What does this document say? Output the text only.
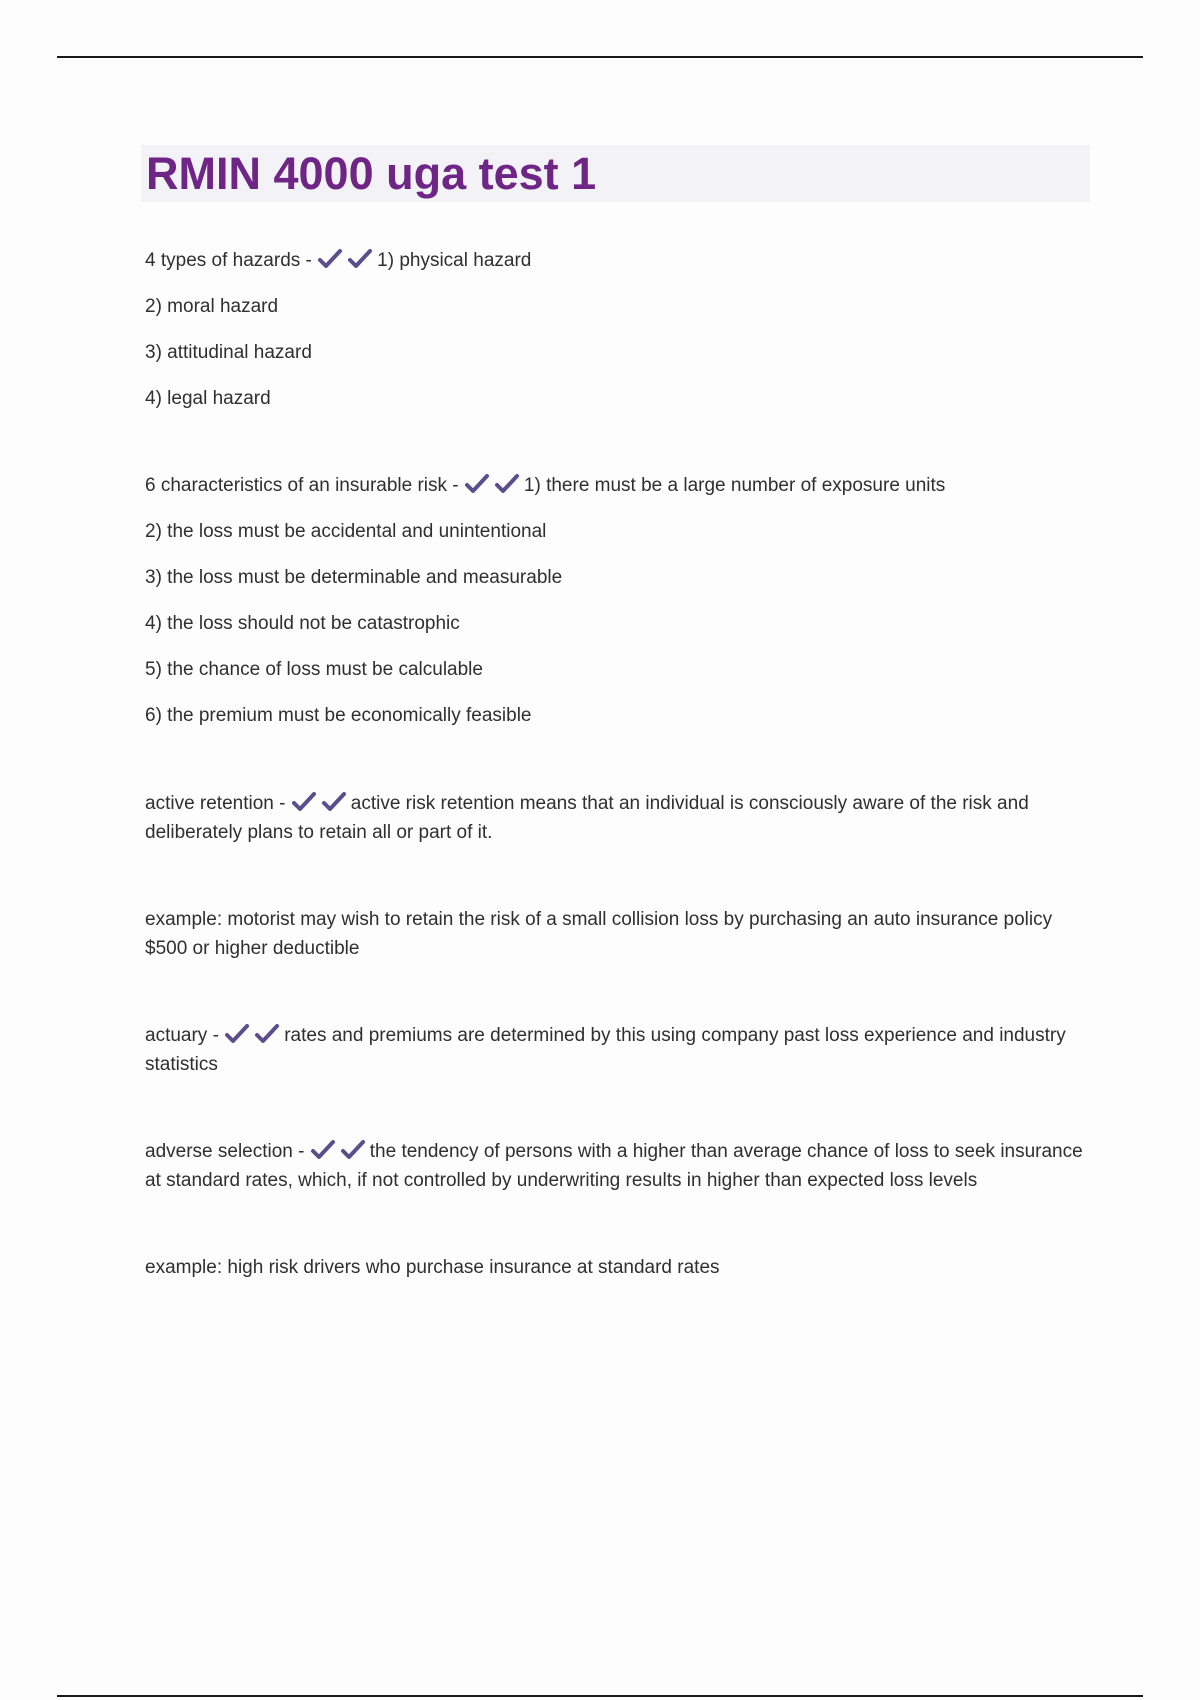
RMIN 4000 uga test 1

4 types of hazards -	1) physical hazard

2) moral hazard

3) attitudinal hazard

4) legal hazard

6 characteristics of an insurable risk -	1) there must be a large number of exposure units

2) the loss must be accidental and unintentional

3) the loss must be determinable and measurable

4) the loss should not be catastrophic

5) the chance of loss must be calculable

6) the premium must be economically feasible

active retention -	active risk retention means that an individual is consciously aware of the risk and deliberately plans to retain all or part of it.

example: motorist may wish to retain the risk of a small collision loss by purchasing an auto insurance policy $500 or higher deductible

actuary -	rates and premiums are determined by this using company past loss experience and industry statistics

adverse selection -	the tendency of persons with a higher than average chance of loss to seek insurance at standard rates, which, if not controlled by underwriting results in higher than expected loss levels

example: high risk drivers who purchase insurance at standard rates
